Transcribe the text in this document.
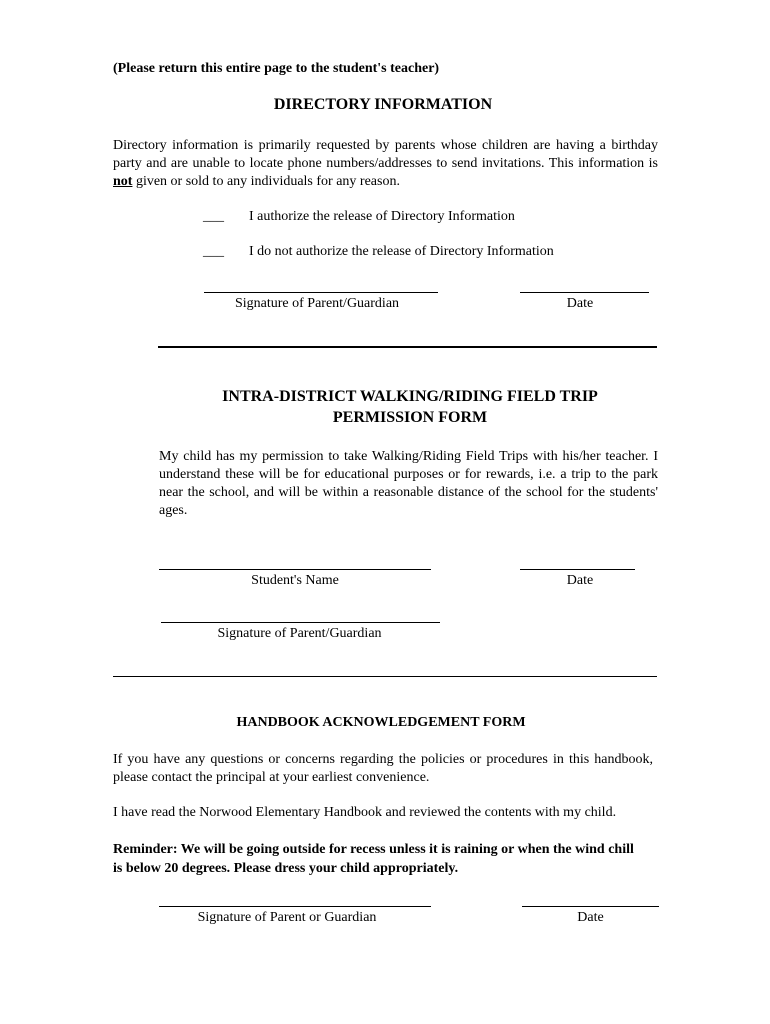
(Please return this entire page to the student's teacher)
DIRECTORY INFORMATION
Directory information is primarily requested by parents whose children are having a birthday party and are unable to locate phone numbers/addresses to send invitations. This information is not given or sold to any individuals for any reason.
___ I authorize the release of Directory Information
___ I do not authorize the release of Directory Information
Signature of Parent/Guardian	Date
INTRA-DISTRICT WALKING/RIDING FIELD TRIP
PERMISSION FORM
My child has my permission to take Walking/Riding Field Trips with his/her teacher. I understand these will be for educational purposes or for rewards, i.e. a trip to the park near the school, and will be within a reasonable distance of the school for the students' ages.
Student's Name	Date
Signature of Parent/Guardian
HANDBOOK ACKNOWLEDGEMENT FORM
If you have any questions or concerns regarding the policies or procedures in this handbook, please contact the principal at your earliest convenience.
I have read the Norwood Elementary Handbook and reviewed the contents with my child.
Reminder: We will be going outside for recess unless it is raining or when the wind chill is below 20 degrees. Please dress your child appropriately.
Signature of Parent or Guardian	Date
